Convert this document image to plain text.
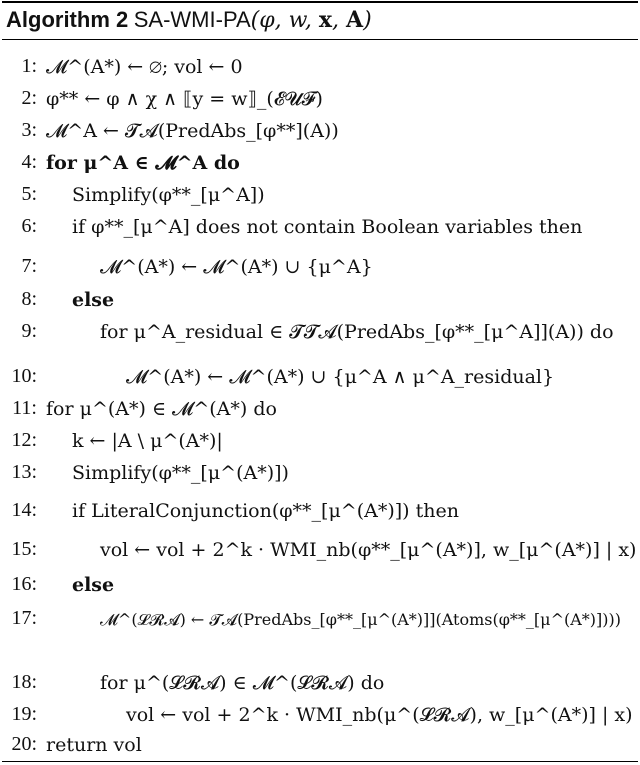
Algorithm 2 SA-WMI-PA(φ, w, x, A)
1: 𝓜^(A*) ← ∅; vol ← 0
2: φ** ← φ ∧ χ ∧ ⟦y = w⟧_(𝓔𝓤𝓕)
3: 𝓜^A ← 𝓣𝓐(PredAbs_[φ**](A))
4: for μ^A ∈ 𝓜^A do
5: Simplify(φ**_[μ^A])
6: if φ**_[μ^A] does not contain Boolean variables then
7:	𝓜^(A*) ← 𝓜^(A*) ∪ {μ^A}
8: else
9:	for μ^A_residual ∈ 𝓣𝓣𝓐(PredAbs_[φ**_[μ^A]](A)) do
10:	𝓜^(A*) ← 𝓜^(A*) ∪ {μ^A ∧ μ^A_residual}
11: for μ^(A*) ∈ 𝓜^(A*) do
12: k ← |A \ μ^(A*)|
13: Simplify(φ**_[μ^(A*)])
14: if LiteralConjunction(φ**_[μ^(A*)]) then
15:	vol ← vol + 2^k · WMI_nb(φ**_[μ^(A*)], w_[μ^(A*)] | x)
16: else
17:	𝓜^(𝓛𝓡𝓐) ← 𝓣𝓐(PredAbs_[φ**_[μ^(A*)]](Atoms(φ**_[μ^(A*)])))
18:	for μ^(𝓛𝓡𝓐) ∈ 𝓜^(𝓛𝓡𝓐) do
19:	vol ← vol + 2^k · WMI_nb(μ^(𝓛𝓡𝓐), w_[μ^(A*)] | x)
20: return vol
